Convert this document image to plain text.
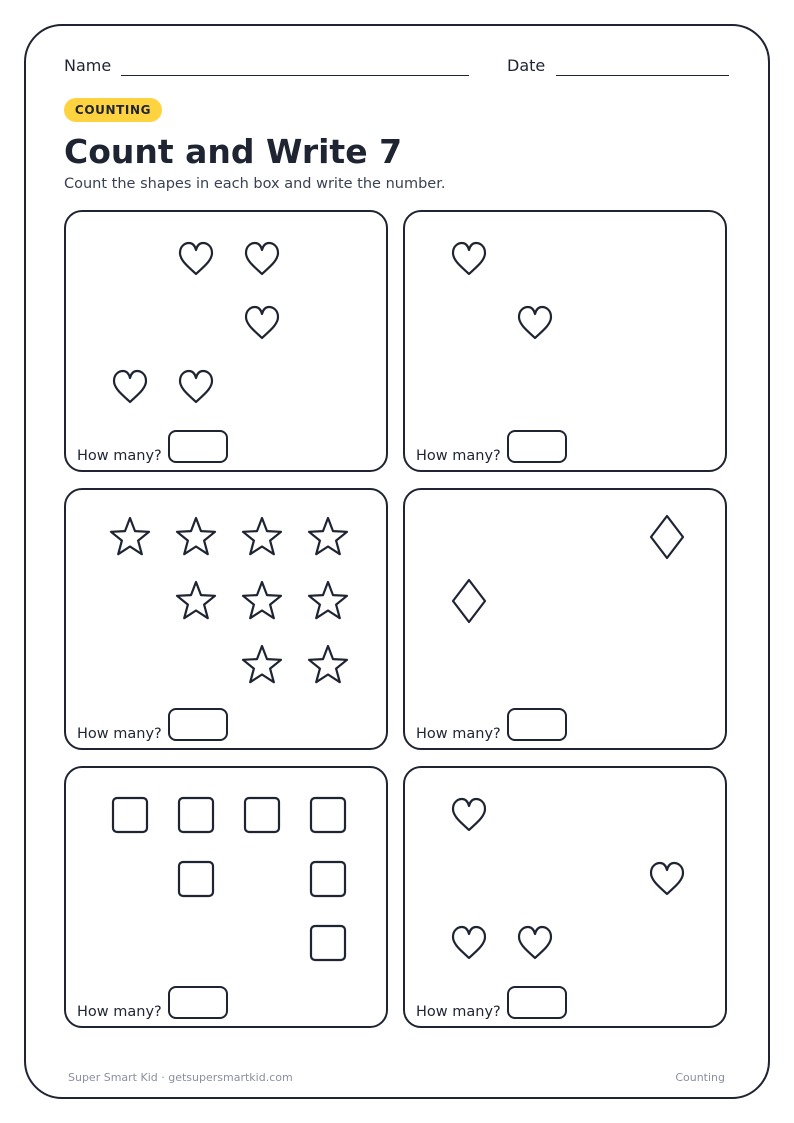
Name	Date
COUNTING
Count and Write 7
Count the shapes in each box and write the number.
How many?	How many?
How many?	How many?
How many?	How many?
Super Smart Kid · getsupersmartkid.com	Counting
